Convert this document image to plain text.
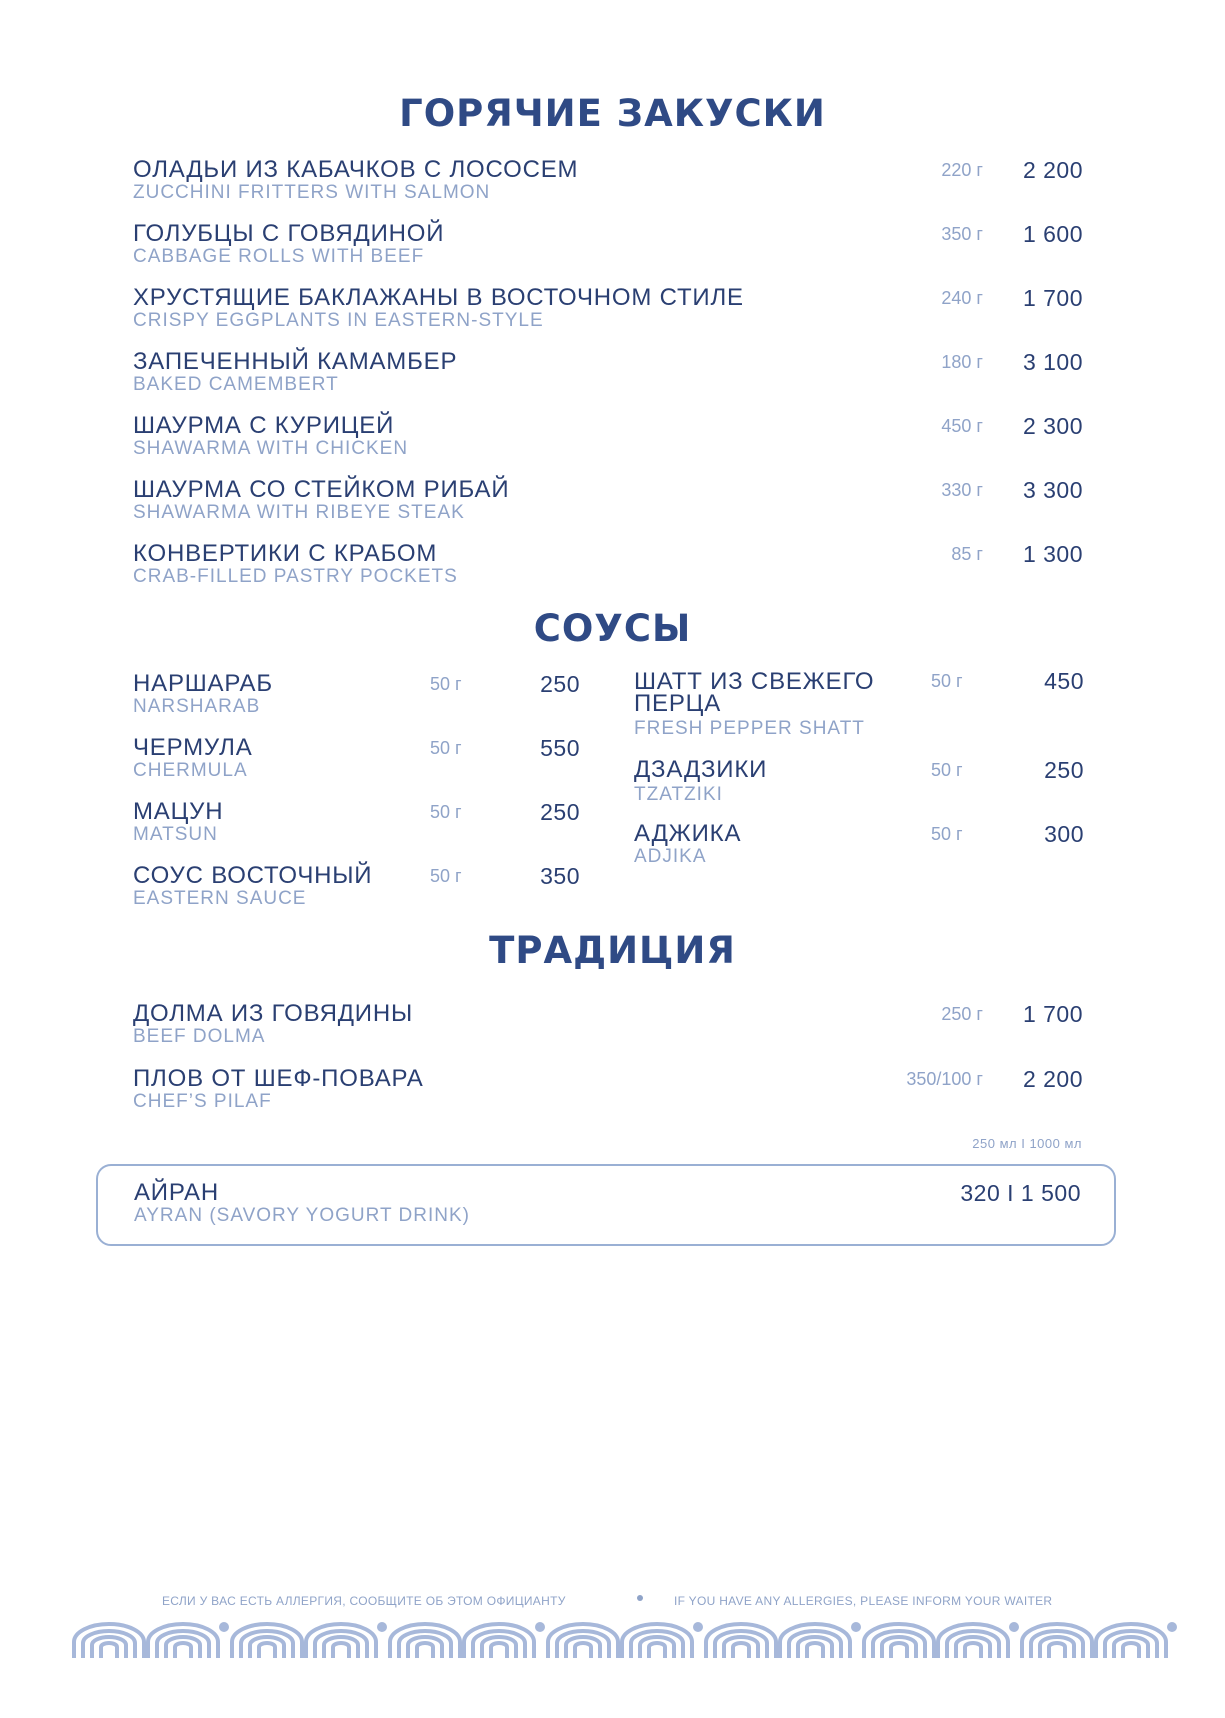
ГОРЯЧИЕ ЗАКУСКИ
ОЛАДЬИ ИЗ КАБАЧКОВ С ЛОСОСЕМ
ZUCCHINI FRITTERS WITH SALMON
220 г 2 200
ГОЛУБЦЫ С ГОВЯДИНОЙ
CABBAGE ROLLS WITH BEEF
350 г 1 600
ХРУСТЯЩИЕ БАКЛАЖАНЫ В ВОСТОЧНОМ СТИЛЕ
CRISPY EGGPLANTS IN EASTERN-STYLE
240 г 1 700
ЗАПЕЧЕННЫЙ КАМАМБЕР
BAKED CAMEMBERT
180 г 3 100
ШАУРМА С КУРИЦЕЙ
SHAWARMA WITH CHICKEN
450 г 2 300
ШАУРМА СО СТЕЙКОМ РИБАЙ
SHAWARMA WITH RIBEYE STEAK
330 г 3 300
КОНВЕРТИКИ С КРАБОМ
CRAB-FILLED PASTRY POCKETS
85 г 1 300
СОУСЫ
НАРШАРАБ
NARSHARAB
50 г	250
ЧЕРМУЛА
CHERMULA
50 г	550
МАЦУН
MATSUN
50 г	250
СОУС ВОСТОЧНЫЙ
EASTERN SAUCE
50 г	350
ШАТТ ИЗ СВЕЖЕГО
ПЕРЦА
FRESH PEPPER SHATT
50 г	450
ДЗАДЗИКИ
TZATZIKI
50 г	250
АДЖИКА
ADJIKA
50 г	300
ТРАДИЦИЯ
ДОЛМА ИЗ ГОВЯДИНЫ
BEEF DOLMA
250 г 1 700
ПЛОВ ОТ ШЕФ-ПОВАРА
CHEF’S PILAF
350/100 г 2 200
250 мл I 1000 мл
АЙРАН
AYRAN (SAVORY YOGURT DRINK)
320 I 1 500
ЕСЛИ У ВАС ЕСТЬ АЛЛЕРГИЯ, СООБЩИТЕ ОБ ЭТОМ ОФИЦИАНТУ	IF YOU HAVE ANY ALLERGIES, PLEASE INFORM YOUR WAITER
